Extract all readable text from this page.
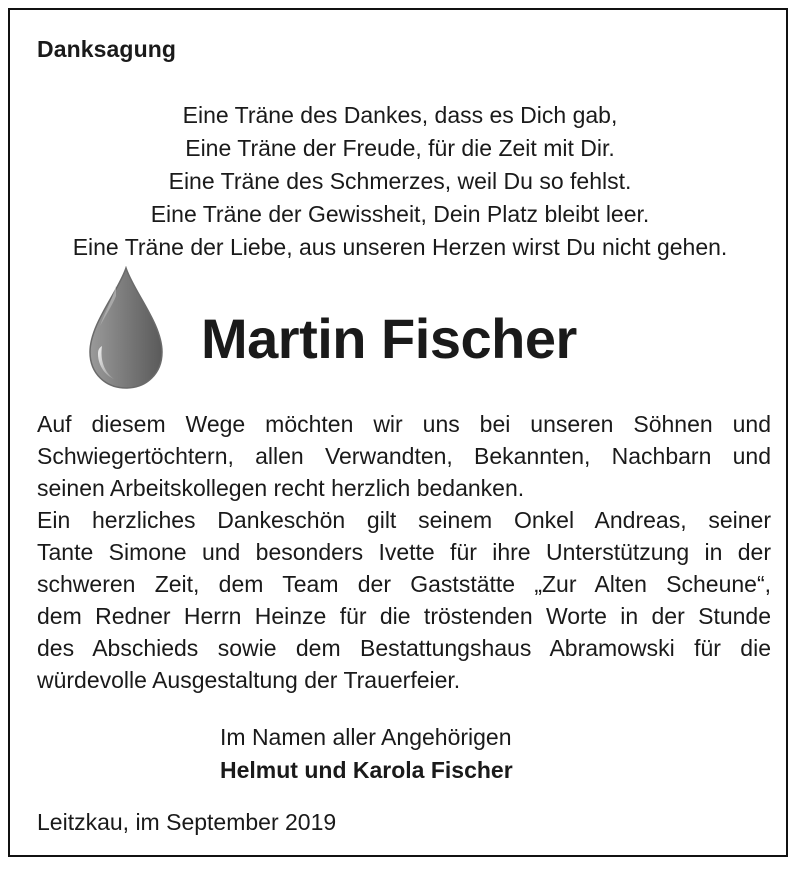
Danksagung
Eine Träne des Dankes, dass es Dich gab,
Eine Träne der Freude, für die Zeit mit Dir.
Eine Träne des Schmerzes, weil Du so fehlst.
Eine Träne der Gewissheit, Dein Platz bleibt leer.
Eine Träne der Liebe, aus unseren Herzen wirst Du nicht gehen.
Martin Fischer
Auf diesem Wege möchten wir uns bei unseren Söhnen und
Schwiegertöchtern, allen Verwandten, Bekannten, Nachbarn und
seinen Arbeitskollegen recht herzlich bedanken.
Ein herzliches Dankeschön gilt seinem Onkel Andreas, seiner
Tante Simone und besonders Ivette für ihre Unterstützung in der
schweren Zeit, dem Team der Gaststätte „Zur Alten Scheune“,
dem Redner Herrn Heinze für die tröstenden Worte in der Stunde
des Abschieds sowie dem Bestattungshaus Abramowski für die
würdevolle Ausgestaltung der Trauerfeier.
Im Namen aller Angehörigen
Helmut und Karola Fischer
Leitzkau, im September 2019
